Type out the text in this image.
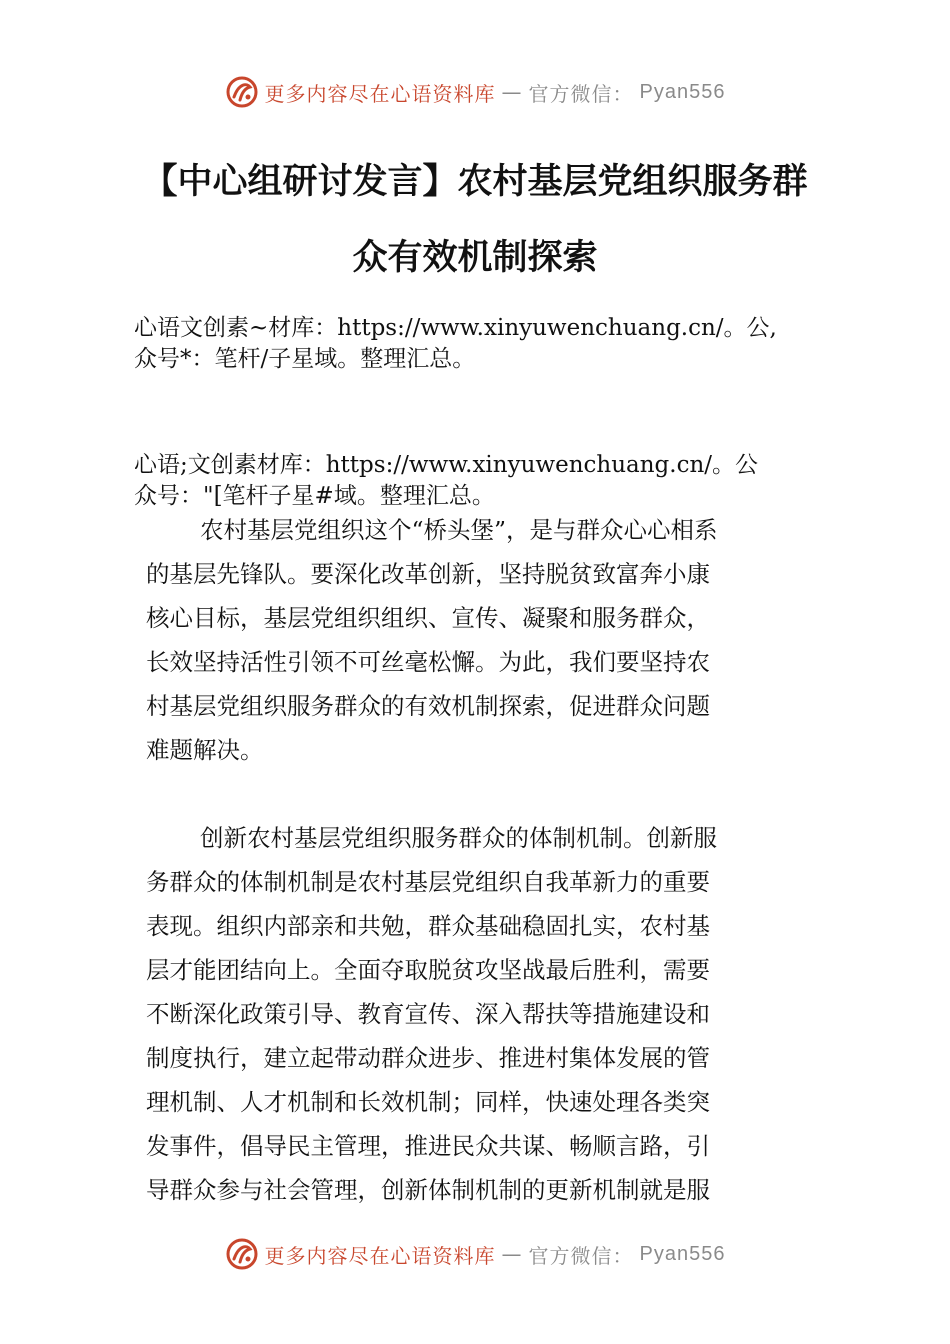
更多内容尽在心语资料库 — 官方微信： Pyan556
【中心组研讨发言】农村基层党组织服务群
众有效机制探索

心语文创素~材库：https://www.xinyuwenchuang.cn/。公,
众号*：笔杆/子星域。整理汇总。

心语;文创素材库：https://www.xinyuwenchuang.cn/。公
众号："[笔杆子星#域。整理汇总。

农村基层党组织这个“桥头堡”，是与群众心心相系
的基层先锋队。要深化改革创新，坚持脱贫致富奔小康
核心目标，基层党组织组织、宣传、凝聚和服务群众，
长效坚持活性引领不可丝毫松懈。为此，我们要坚持农
村基层党组织服务群众的有效机制探索，促进群众问题
难题解决。
创新农村基层党组织服务群众的体制机制。创新服
务群众的体制机制是农村基层党组织自我革新力的重要
表现。组织内部亲和共勉，群众基础稳固扎实，农村基
层才能团结向上。全面夺取脱贫攻坚战最后胜利，需要
不断深化政策引导、教育宣传、深入帮扶等措施建设和
制度执行，建立起带动群众进步、推进村集体发展的管
理机制、人才机制和长效机制；同样，快速处理各类突
发事件，倡导民主管理，推进民众共谋、畅顺言路，引
导群众参与社会管理，创新体制机制的更新机制就是服
更多内容尽在心语资料库 — 官方微信： Pyan556
